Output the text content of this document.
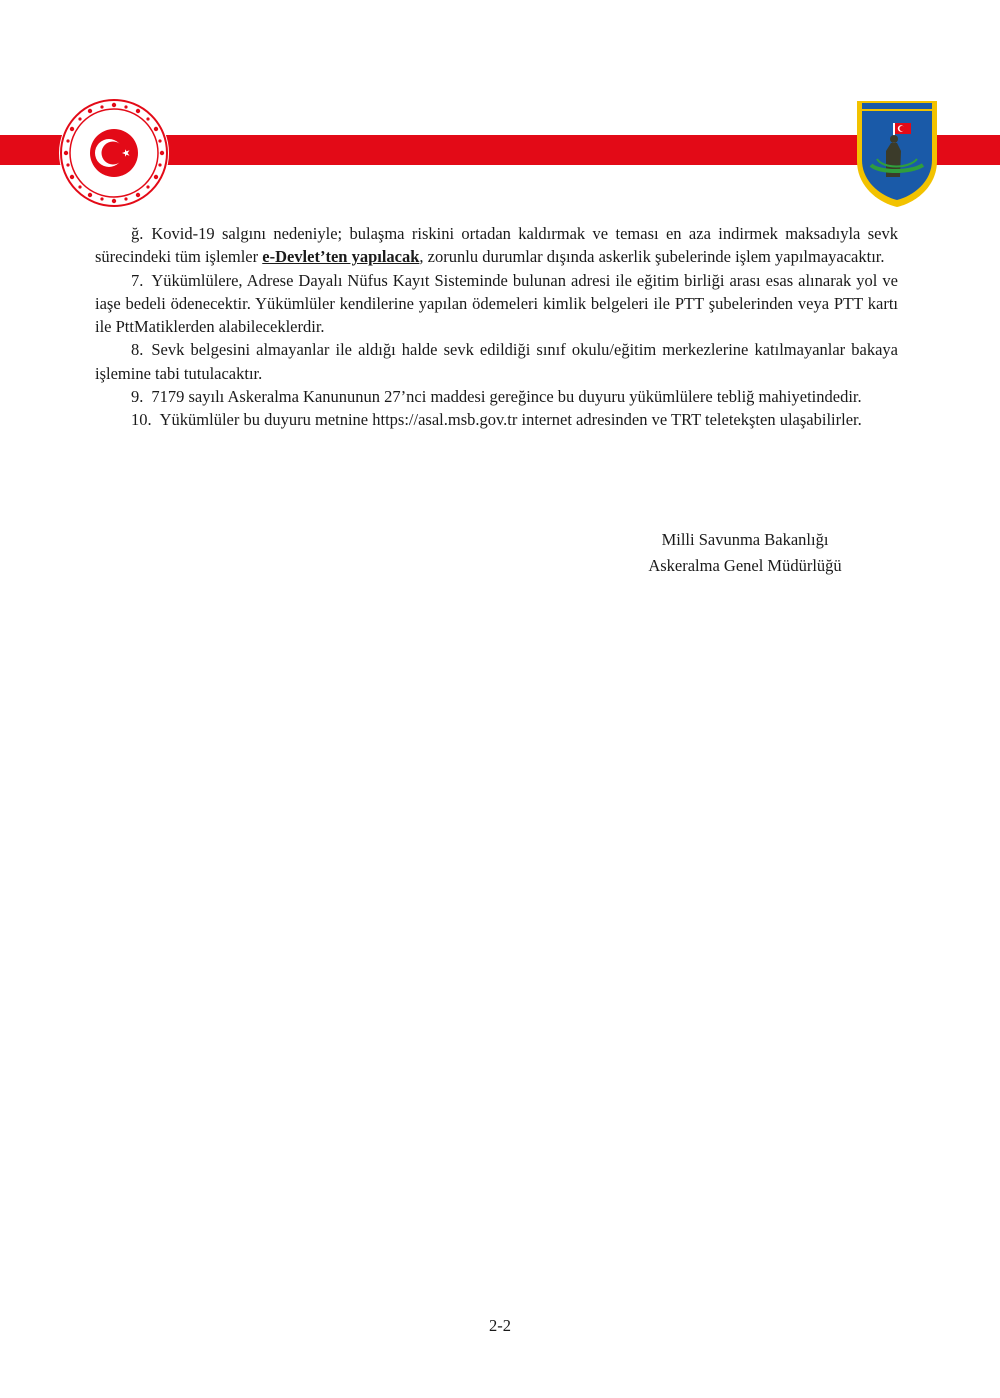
ğ. Kovid-19 salgını nedeniyle; bulaşma riskini ortadan kaldırmak ve teması en aza indirmek maksadıyla sevk sürecindeki tüm işlemler e-Devlet’ten yapılacak, zorunlu durumlar dışında askerlik şubelerinde işlem yapılmayacaktır.

7. Yükümlülere, Adrese Dayalı Nüfus Kayıt Sisteminde bulunan adresi ile eğitim birliği arası esas alınarak yol ve iaşe bedeli ödenecektir. Yükümlüler kendilerine yapılan ödemeleri kimlik belgeleri ile PTT şubelerinden veya PTT kartı ile PttMatiklerden alabileceklerdir.

8. Sevk belgesini almayanlar ile aldığı halde sevk edildiği sınıf okulu/eğitim merkezlerine katılmayanlar bakaya işlemine tabi tutulacaktır.

9. 7179 sayılı Askeralma Kanununun 27’nci maddesi gereğince bu duyuru yükümlülere tebliğ mahiyetindedir.

10. Yükümlüler bu duyuru metnine https://asal.msb.gov.tr internet adresinden ve TRT teletekşten ulaşabilirler.

Milli Savunma Bakanlığı
Askeralma Genel Müdürlüğü
2-2
